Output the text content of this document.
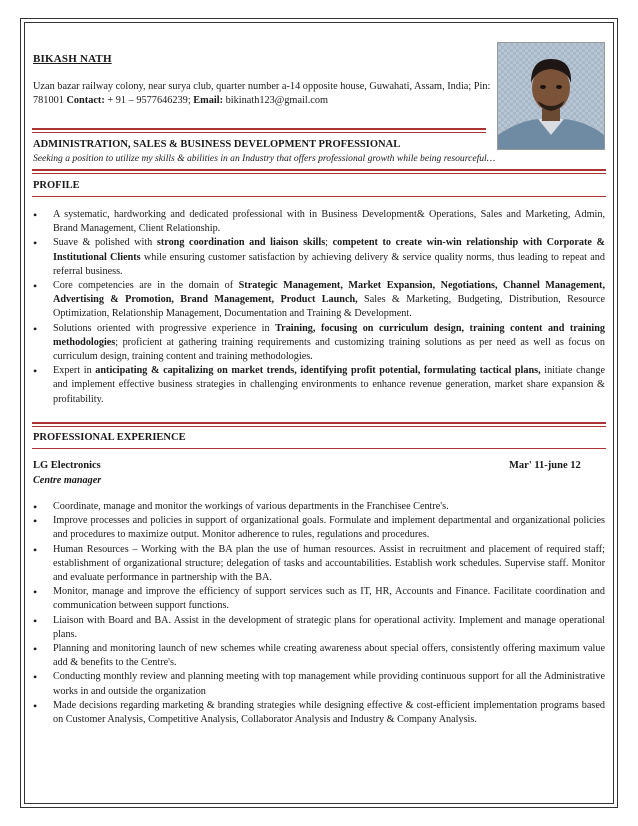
BIKASH NATH
Uzan bazar railway colony, near surya club, quarter number a-14 opposite house, Guwahati, Assam, India; Pin: 781001 Contact: + 91 – 9577646239; Email: bikinath123@gmail.com
ADMINISTRATION, SALES & BUSINESS DEVELOPMENT PROFESSIONAL
Seeking a position to utilize my skills & abilities in an Industry that offers professional growth while being resourceful…
PROFILE
• A systematic, hardworking and dedicated professional with in Business Development& Operations, Sales and Marketing, Admin, Brand Management, Client Relationship.
• Suave & polished with strong coordination and liaison skills; competent to create win-win relationship with Corporate & Institutional Clients while ensuring customer satisfaction by achieving delivery & service quality norms, thus leading to repeat and referral business.
• Core competencies are in the domain of Strategic Management, Market Expansion, Negotiations, Channel Management, Advertising & Promotion, Brand Management, Product Launch, Sales & Marketing, Budgeting, Distribution, Resource Optimization, Relationship Management, Documentation and Training & Development.
• Solutions oriented with progressive experience in Training, focusing on curriculum design, training content and training methodologies; proficient at gathering training requirements and customizing training solutions as per need as well as focus on curriculum design, training content and training methodologies.
• Expert in anticipating & capitalizing on market trends, identifying profit potential, formulating tactical plans, initiate change and implement effective business strategies in challenging environments to enhance revenue generation, market share expansion & profitability.
PROFESSIONAL EXPERIENCE
LG Electronics	Mar' 11-june 12
Centre manager
• Coordinate, manage and monitor the workings of various departments in the Franchisee Centre's.
• Improve processes and policies in support of organizational goals. Formulate and implement departmental and organizational policies and procedures to maximize output. Monitor adherence to rules, regulations and procedures.
• Human Resources – Working with the BA plan the use of human resources. Assist in recruitment and placement of required staff; establishment of organizational structure; delegation of tasks and accountabilities. Establish work schedules. Supervise staff. Monitor and evaluate performance in partnership with the BA.
• Monitor, manage and improve the efficiency of support services such as IT, HR, Accounts and Finance. Facilitate coordination and communication between support functions.
• Liaison with Board and BA. Assist in the development of strategic plans for operational activity. Implement and manage operational plans.
• Planning and monitoring launch of new schemes while creating awareness about special offers, consistently offering maximum value add & benefits to the Centre's.
• Conducting monthly review and planning meeting with top management while providing continuous support for all the Administrative works in and outside the organization
• Made decisions regarding marketing & branding strategies while designing effective & cost-efficient implementation programs based on Customer Analysis, Competitive Analysis, Collaborator Analysis and Industry & Company Analysis.
